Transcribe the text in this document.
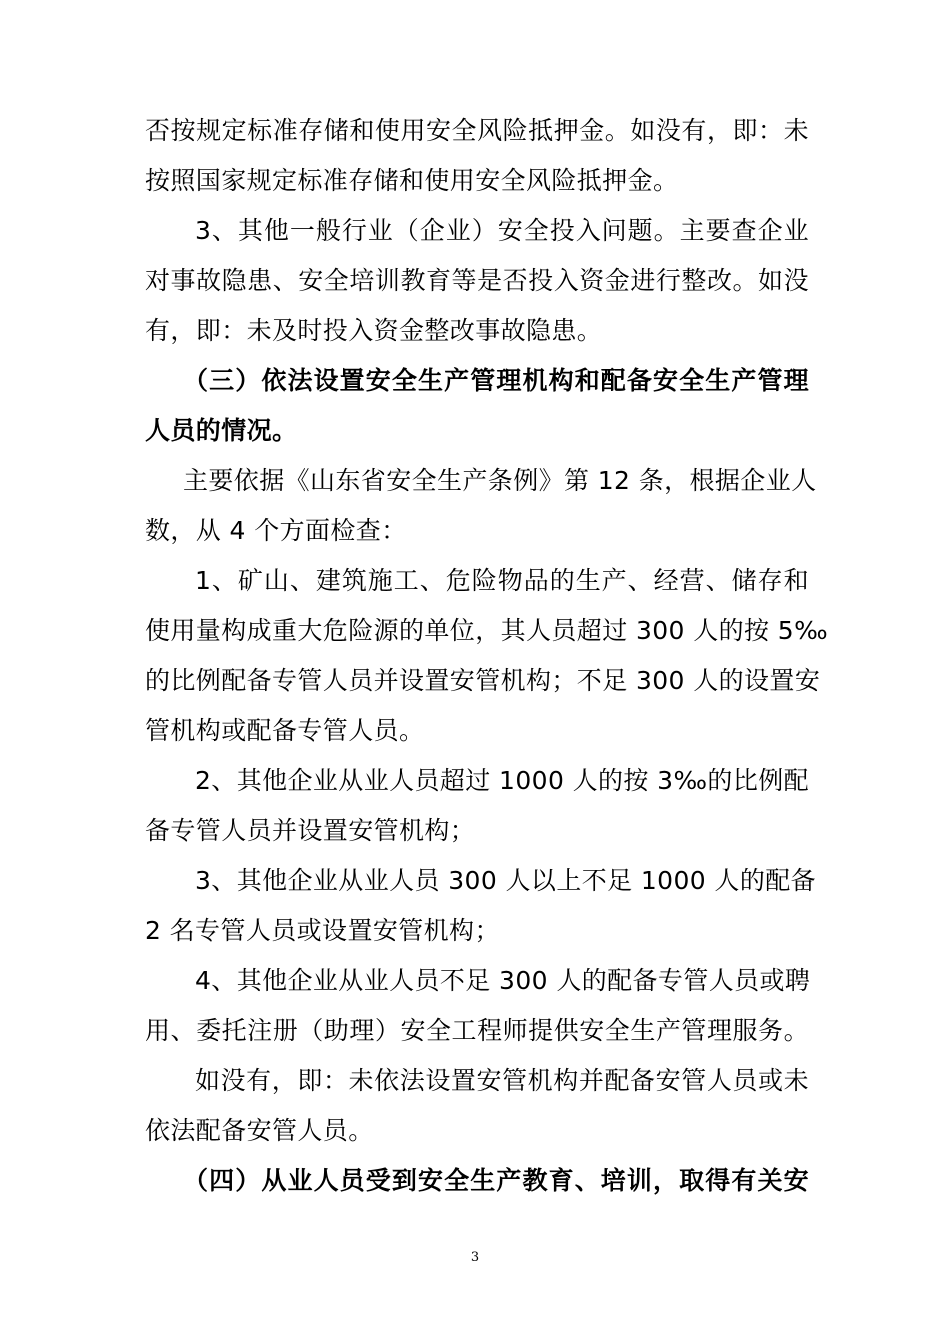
否按规定标准存储和使用安全风险抵押金。如没有，即：未
按照国家规定标准存储和使用安全风险抵押金。
3、其他一般行业（企业）安全投入问题。主要查企业
对事故隐患、安全培训教育等是否投入资金进行整改。如没
有，即：未及时投入资金整改事故隐患。
（三）依法设置安全生产管理机构和配备安全生产管理
人员的情况。
主要依据《山东省安全生产条例》第 12 条，根据企业人
数，从 4 个方面检查：
1、矿山、建筑施工、危险物品的生产、经营、储存和
使用量构成重大危险源的单位，其人员超过 300 人的按 5‰
的比例配备专管人员并设置安管机构；不足 300 人的设置安
管机构或配备专管人员。
2、其他企业从业人员超过 1000 人的按 3‰的比例配
备专管人员并设置安管机构；
3、其他企业从业人员 300 人以上不足 1000 人的配备
2 名专管人员或设置安管机构；
4、其他企业从业人员不足 300 人的配备专管人员或聘
用、委托注册（助理）安全工程师提供安全生产管理服务。
如没有，即：未依法设置安管机构并配备安管人员或未
依法配备安管人员。
（四）从业人员受到安全生产教育、培训，取得有关安
3
